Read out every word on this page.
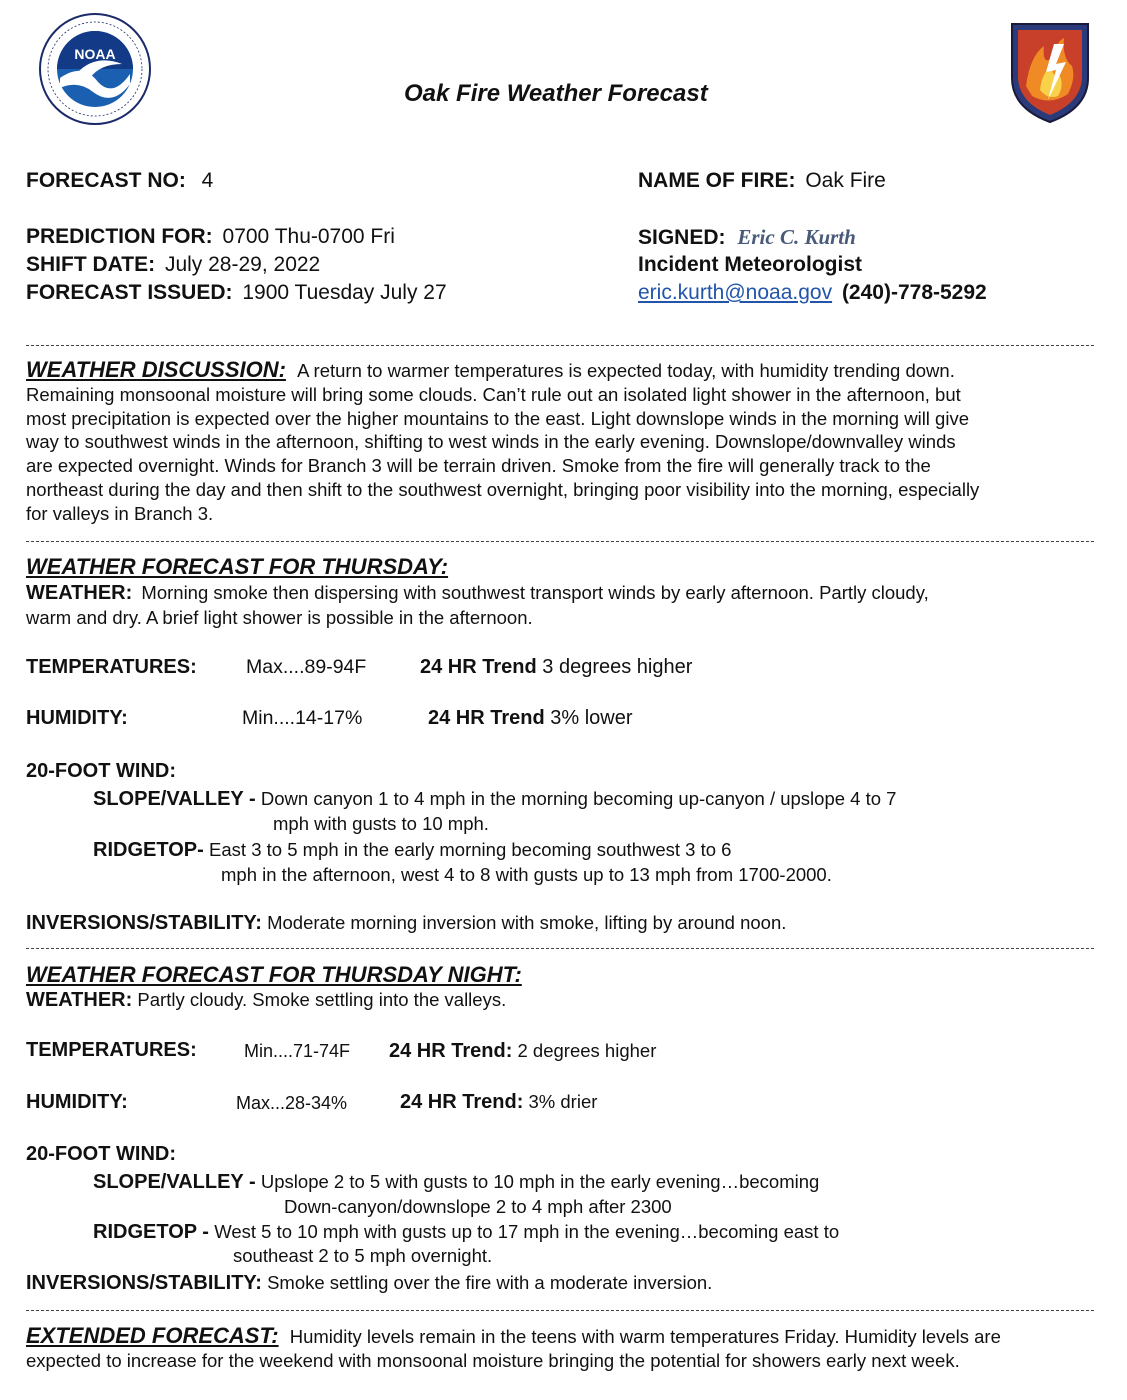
NOAA
Oak Fire Weather Forecast
FORECAST NO: 4	NAME OF FIRE: Oak Fire
PREDICTION FOR: 0700 Thu-0700 Fri
SHIFT DATE: July 28-29, 2022
FORECAST ISSUED: 1900 Tuesday July 27
SIGNED: Eric C. Kurth
Incident Meteorologist
eric.kurth@noaa.gov (240)-778-5292
WEATHER DISCUSSION: A return to warmer temperatures is expected today, with humidity trending down.
Remaining monsoonal moisture will bring some clouds. Can’t rule out an isolated light shower in the afternoon, but
most precipitation is expected over the higher mountains to the east. Light downslope winds in the morning will give
way to southwest winds in the afternoon, shifting to west winds in the early evening. Downslope/downvalley winds
are expected overnight. Winds for Branch 3 will be terrain driven. Smoke from the fire will generally track to the
northeast during the day and then shift to the southwest overnight, bringing poor visibility into the morning, especially
for valleys in Branch 3.
WEATHER FORECAST FOR THURSDAY:
WEATHER: Morning smoke then dispersing with southwest transport winds by early afternoon. Partly cloudy,
warm and dry. A brief light shower is possible in the afternoon.
TEMPERATURES:	Max....89-94F	24 HR Trend 3 degrees higher
HUMIDITY:	Min....14-17%	24 HR Trend 3% lower
20-FOOT WIND:
SLOPE/VALLEY - Down canyon 1 to 4 mph in the morning becoming up-canyon / upslope 4 to 7
mph with gusts to 10 mph.
RIDGETOP- East 3 to 5 mph in the early morning becoming southwest 3 to 6
mph in the afternoon, west 4 to 8 with gusts up to 13 mph from 1700-2000.
INVERSIONS/STABILITY: Moderate morning inversion with smoke, lifting by around noon.
WEATHER FORECAST FOR THURSDAY NIGHT:
WEATHER: Partly cloudy. Smoke settling into the valleys.
TEMPERATURES:	Min....71-74F 24 HR Trend: 2 degrees higher
HUMIDITY:	Max...28-34%	24 HR Trend: 3% drier
20-FOOT WIND:
SLOPE/VALLEY - Upslope 2 to 5 with gusts to 10 mph in the early evening…becoming
Down-canyon/downslope 2 to 4 mph after 2300
RIDGETOP - West 5 to 10 mph with gusts up to 17 mph in the evening…becoming east to
southeast 2 to 5 mph overnight.
INVERSIONS/STABILITY: Smoke settling over the fire with a moderate inversion.
EXTENDED FORECAST: Humidity levels remain in the teens with warm temperatures Friday. Humidity levels are
expected to increase for the weekend with monsoonal moisture bringing the potential for showers early next week.
